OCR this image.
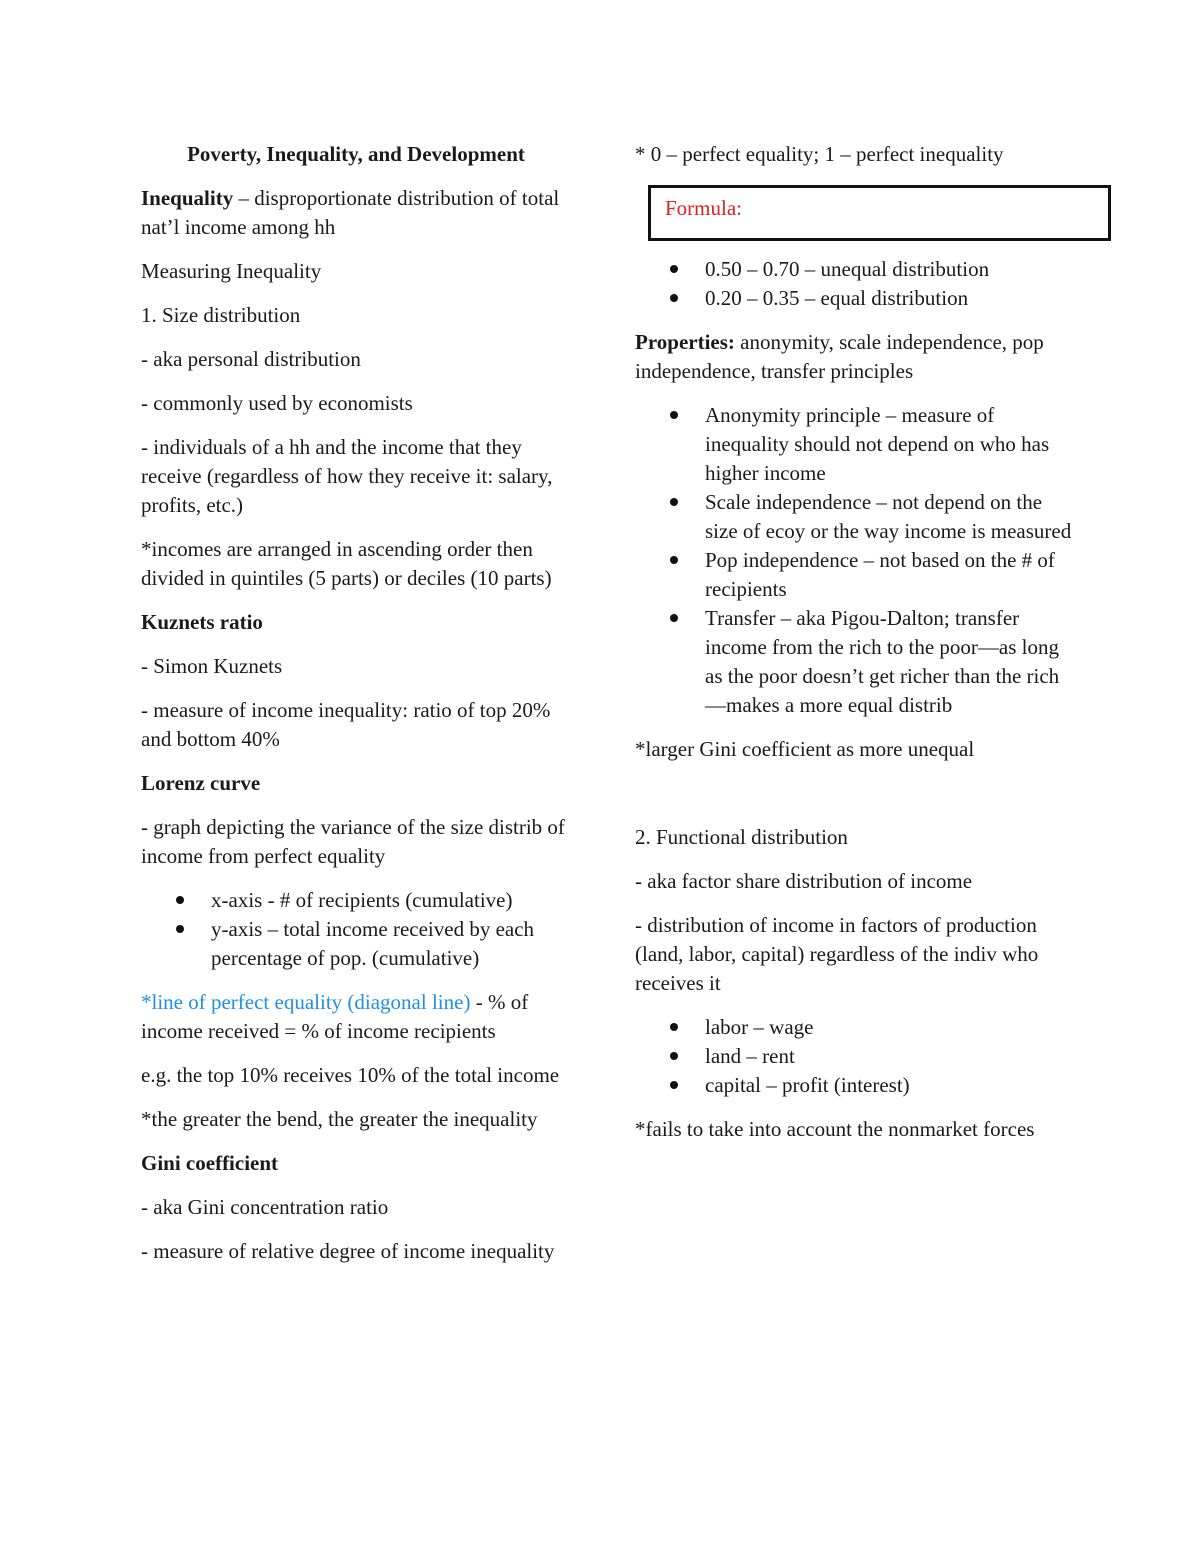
Poverty, Inequality, and Development

Inequality – disproportionate distribution of total nat’l income among hh

Measuring Inequality

1. Size distribution

- aka personal distribution

- commonly used by economists

- individuals of a hh and the income that they receive (regardless of how they receive it: salary, profits, etc.)

*incomes are arranged in ascending order then divided in quintiles (5 parts) or deciles (10 parts)

Kuznets ratio

- Simon Kuznets

- measure of income inequality: ratio of top 20% and bottom 40%

Lorenz curve

- graph depicting the variance of the size distrib of income from perfect equality

x-axis - # of recipients (cumulative)
y-axis – total income received by each percentage of pop. (cumulative)

*line of perfect equality (diagonal line) - % of income received = % of income recipients

e.g. the top 10% receives 10% of the total income

*the greater the bend, the greater the inequality

Gini coefficient

- aka Gini concentration ratio

- measure of relative degree of income inequality

* 0 – perfect equality; 1 – perfect inequality

Formula:
0.50 – 0.70 – unequal distribution
0.20 – 0.35 – equal distribution

Properties: anonymity, scale independence, pop independence, transfer principles

Anonymity principle – measure of inequality should not depend on who has higher income
Scale independence – not depend on the size of ecoy or the way income is measured
Pop independence – not based on the # of recipients
Transfer – aka Pigou-Dalton; transfer income from the rich to the poor—as long as the poor doesn’t get richer than the rich—makes a more equal distrib

*larger Gini coefficient as more unequal

2. Functional distribution

- aka factor share distribution of income

- distribution of income in factors of production (land, labor, capital) regardless of the indiv who receives it

labor – wage
land – rent
capital – profit (interest)

*fails to take into account the nonmarket forces
